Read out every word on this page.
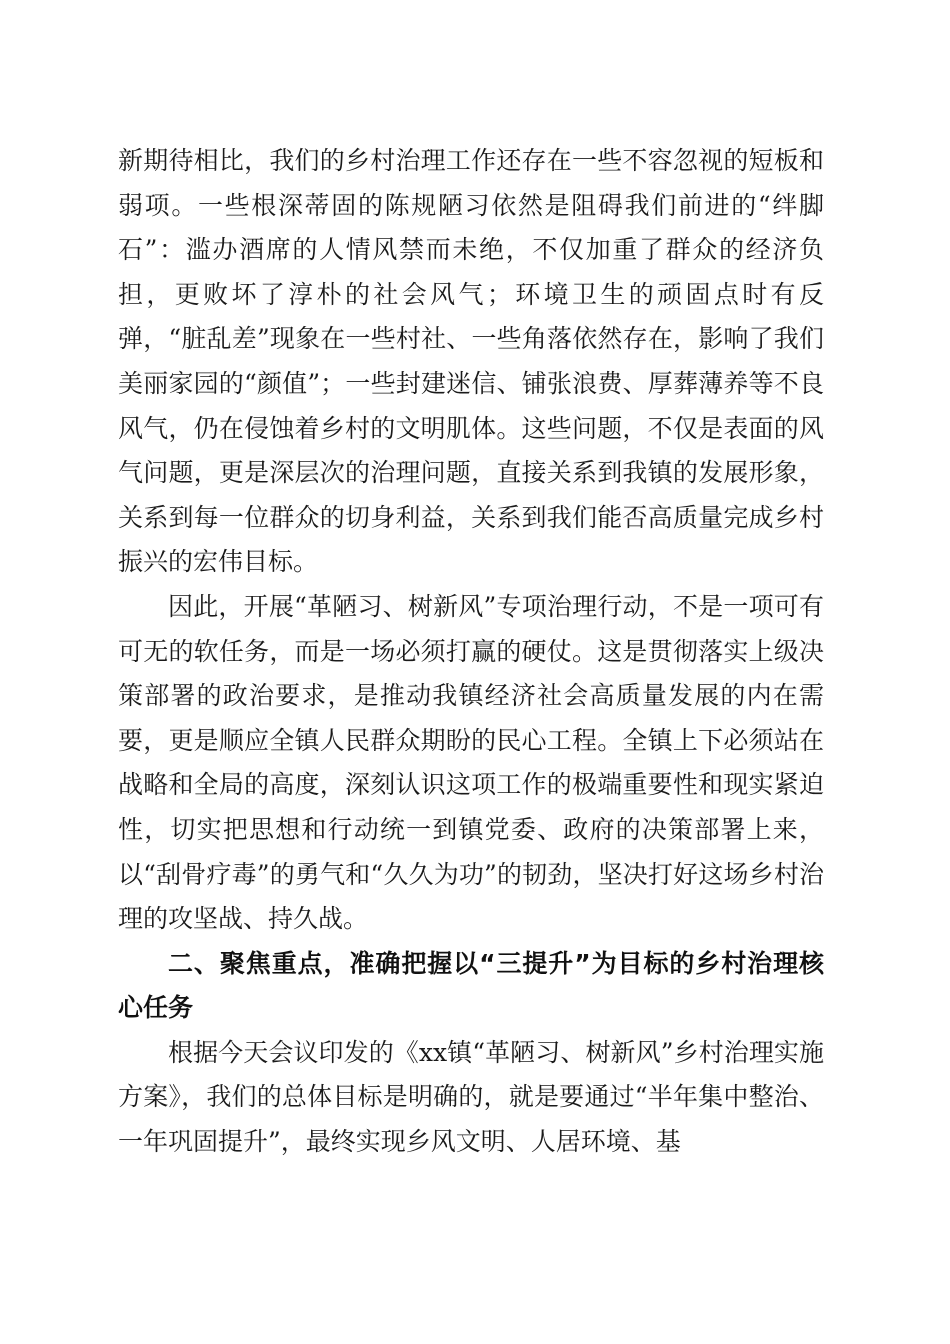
新期待相比，我们的乡村治理工作还存在一些不容忽视的短板和弱项。一些根深蒂固的陈规陋习依然是阻碍我们前进的“绊脚石”：滥办酒席的人情风禁而未绝，不仅加重了群众的经济负担，更败坏了淳朴的社会风气；环境卫生的顽固点时有反弹，“脏乱差”现象在一些村社、一些角落依然存在，影响了我们美丽家园的“颜值”；一些封建迷信、铺张浪费、厚葬薄养等不良风气，仍在侵蚀着乡村的文明肌体。这些问题，不仅是表面的风气问题，更是深层次的治理问题，直接关系到我镇的发展形象，关系到每一位群众的切身利益，关系到我们能否高质量完成乡村振兴的宏伟目标。

因此，开展“革陋习、树新风”专项治理行动，不是一项可有可无的软任务，而是一场必须打赢的硬仗。这是贯彻落实上级决策部署的政治要求，是推动我镇经济社会高质量发展的内在需要，更是顺应全镇人民群众期盼的民心工程。全镇上下必须站在战略和全局的高度，深刻认识这项工作的极端重要性和现实紧迫性，切实把思想和行动统一到镇党委、政府的决策部署上来，以“刮骨疗毒”的勇气和“久久为功”的韧劲，坚决打好这场乡村治理的攻坚战、持久战。

二、聚焦重点，准确把握以“三提升”为目标的乡村治理核心任务

根据今天会议印发的《xx镇“革陋习、树新风”乡村治理实施方案》，我们的总体目标是明确的，就是要通过“半年集中整治、一年巩固提升”，最终实现乡风文明、人居环境、基
